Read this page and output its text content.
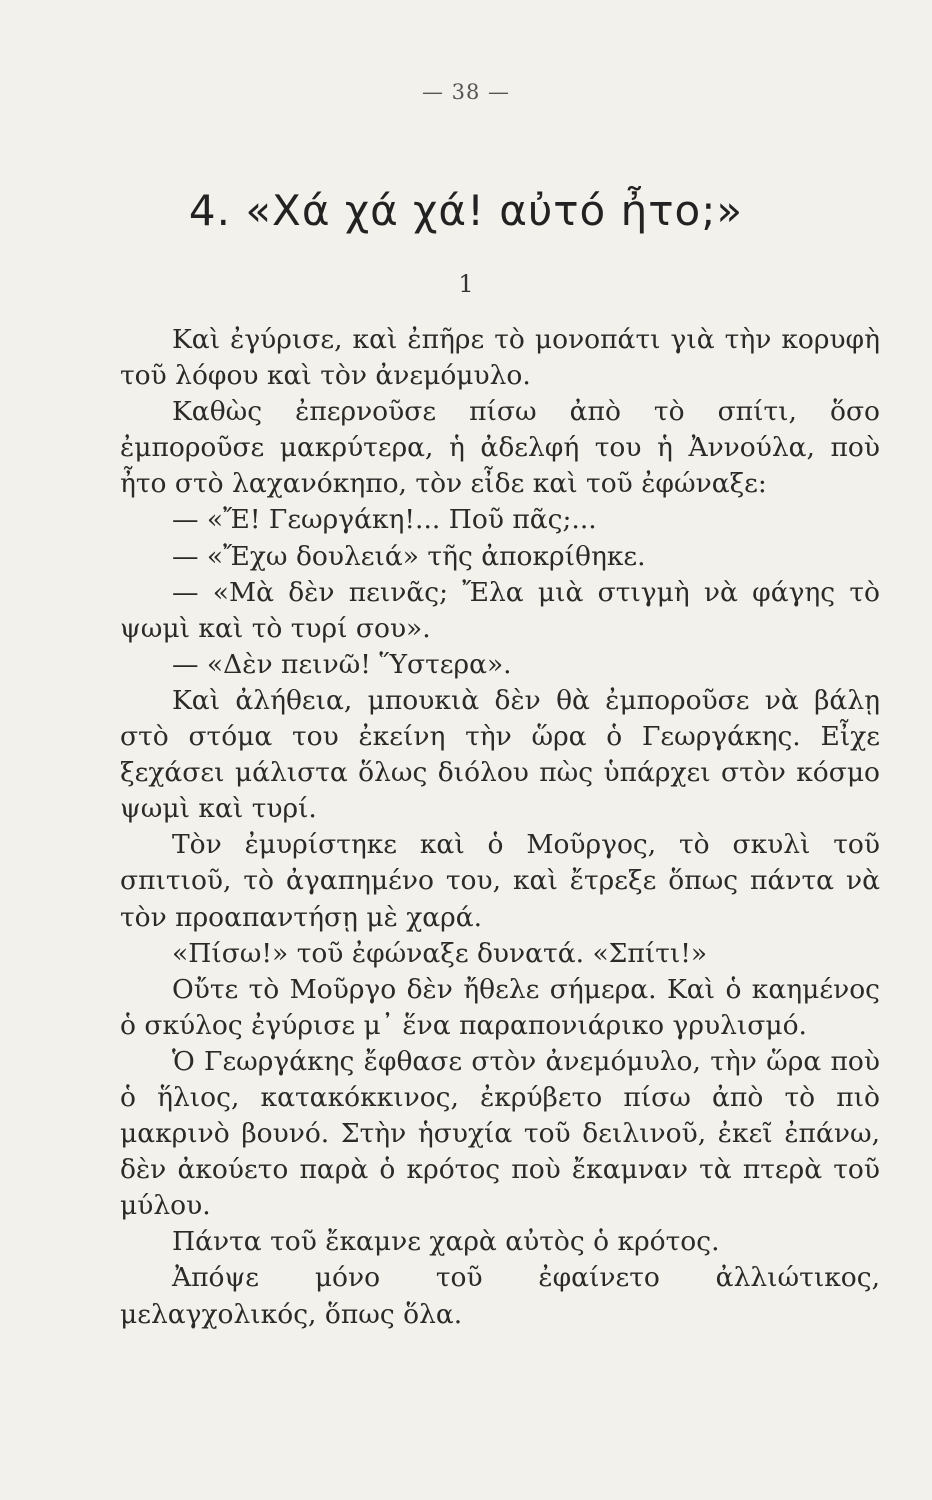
— 38 —
4. «Χά χά χά! αὐτό ἦτο;»
1

Καὶ ἐγύρισε, καὶ ἐπῆρε τὸ μονοπάτι γιὰ τὴν κορυφὴ τοῦ λόφου καὶ τὸν ἀνεμόμυλο.

Καθὼς ἐπερνοῦσε πίσω ἀπὸ τὸ σπίτι, ὅσο ἐμποροῦσε μακρύτερα, ἡ ἀδελφή του ἡ Ἀννούλα, ποὺ ἦτο στὸ λαχανόκηπο, τὸν εἶδε καὶ τοῦ ἐφώναξε:

— «Ἔ! Γεωργάκη!... Ποῦ πᾶς;...

— «Ἔχω δουλειά» τῆς ἀποκρίθηκε.

— «Μὰ δὲν πεινᾶς; Ἔλα μιὰ στιγμὴ νὰ φάγης τὸ ψωμὶ καὶ τὸ τυρί σου».

— «Δὲν πεινῶ! Ὕστερα».

Καὶ ἀλήθεια, μπουκιὰ δὲν θὰ ἐμποροῦσε νὰ βάλῃ στὸ στόμα του ἐκείνη τὴν ὥρα ὁ Γεωργάκης. Εἶχε ξεχάσει μάλιστα ὅλως διόλου πὼς ὑπάρχει στὸν κόσμο ψωμὶ καὶ τυρί.

Τὸν ἐμυρίστηκε καὶ ὁ Μοῦργος, τὸ σκυλὶ τοῦ σπιτιοῦ, τὸ ἀγαπημένο του, καὶ ἔτρεξε ὅπως πάντα νὰ τὸν προαπαντήσῃ μὲ χαρά.

«Πίσω!» τοῦ ἐφώναξε δυνατά. «Σπίτι!»

Οὔτε τὸ Μοῦργο δὲν ἤθελε σήμερα. Καὶ ὁ καημένος ὁ σκύλος ἐγύρισε μ᾿ ἕνα παραπονιάρικο γρυλισμό.

Ὁ Γεωργάκης ἔφθασε στὸν ἀνεμόμυλο, τὴν ὥρα ποὺ ὁ ἥλιος, κατακόκκινος, ἐκρύβετο πίσω ἀπὸ τὸ πιὸ μακρινὸ βουνό. Στὴν ἡσυχία τοῦ δειλινοῦ, ἐκεῖ ἐπάνω, δὲν ἀκούετο παρὰ ὁ κρότος ποὺ ἔκαμναν τὰ πτερὰ τοῦ μύλου.

Πάντα τοῦ ἔκαμνε χαρὰ αὐτὸς ὁ κρότος.

Ἀπόψε μόνο τοῦ ἐφαίνετο ἀλλιώτικος, μελαγχολικός, ὅπως ὅλα.
